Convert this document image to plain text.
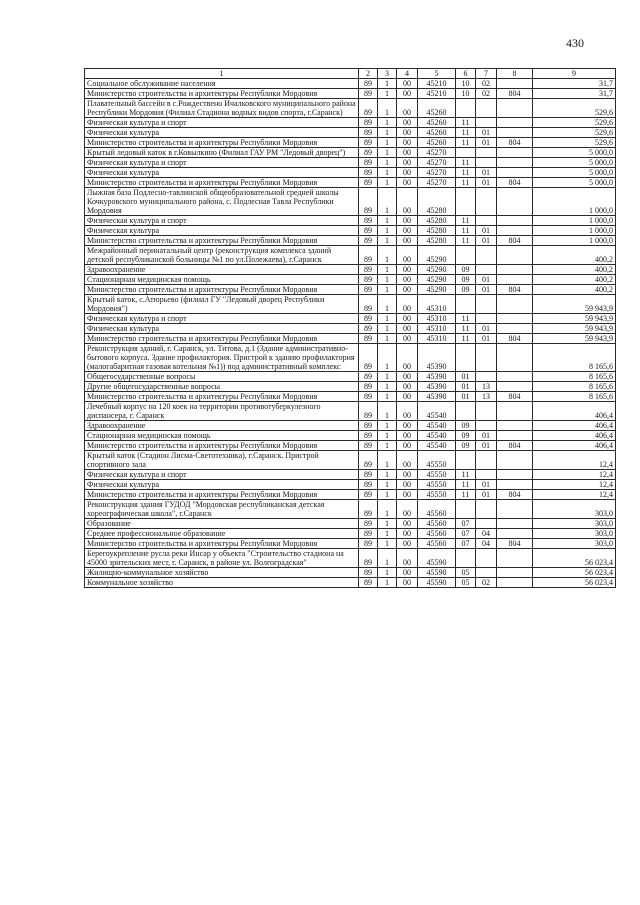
430
1	2	3	4	5	6	7	8	9
Социальное обслуживание населения	89	1	00	45210	10	02		31,7
Министерство строительства и архитектуры Республики Мордовия	89	1	00	45210	10	02	804	31,7
Плавательный бассейн в с.Рождествено Ичалковского муниципального района Республики Мордовия (Филиал Стадиона водных видов спорта, г.Саранск)	89	1	00	45260				529,6
Физическая культура и спорт	89	1	00	45260	11			529,6
Физическая культура	89	1	00	45260	11	01		529,6
Министерство строительства и архитектуры Республики Мордовия	89	1	00	45260	11	01	804	529,6
Крытый ледовый каток в г.Ковылкино (Филиал ГАУ РМ "Ледовый дворец")	89	1	00	45270				5 000,0
Физическая культура и спорт	89	1	00	45270	11			5 000,0
Физическая культура	89	1	00	45270	11	01		5 000,0
Министерство строительства и архитектуры Республики Мордовия	89	1	00	45270	11	01	804	5 000,0
Лыжная база Подлесно-тавлинской общеобразовательной средней школы Кочкуровского муниципального района, с. Подлесная Тавла Республики Мордовия	89	1	00	45280				1 000,0
Физическая культура и спорт	89	1	00	45280	11			1 000,0
Физическая культура	89	1	00	45280	11	01		1 000,0
Министерство строительства и архитектуры Республики Мордовия	89	1	00	45280	11	01	804	1 000,0
Межрайонный перинатальный центр (реконструкция комплекса зданий детской республиканской больницы №1 по ул.Полежаева), г.Саранск	89	1	00	45290				400,2
Здравоохранение	89	1	00	45290	09			400,2
Стационарная медицинская помощь	89	1	00	45290	09	01		400,2
Министерство строительства и архитектуры Республики Мордовия	89	1	00	45290	09	01	804	400,2
Крытый каток, с.Атюрьево (филиал ГУ "Ледовый дворец Республики Мордовия")	89	1	00	45310				59 943,9
Физическая культура и спорт	89	1	00	45310	11			59 943,9
Физическая культура	89	1	00	45310	11	01		59 943,9
Министерство строительства и архитектуры Республики Мордовия	89	1	00	45310	11	01	804	59 943,9
Реконструкция зданий, г. Саранск, ул. Титова, д.1 (Здание административно-бытового корпуса. Здание профилактория. Пристрой к зданию профилактория (малогабаритная газовая котельная №1)) под административный комплекс	89	1	00	45390				8 165,6
Общегосударственные вопросы	89	1	00	45390	01			8 165,6
Другие общегосударственные вопросы	89	1	00	45390	01	13		8 165,6
Министерство строительства и архитектуры Республики Мордовия	89	1	00	45390	01	13	804	8 165,6
Лечебный корпус на 120 коек на территории противотуберкулезного диспансера, г. Саранск	89	1	00	45540				406,4
Здравоохранение	89	1	00	45540	09			406,4
Стационарная медицинская помощь	89	1	00	45540	09	01		406,4
Министерство строительства и архитектуры Республики Мордовия	89	1	00	45540	09	01	804	406,4
Крытый каток (Стадион Лисма-Светотехника), г.Саранск. Пристрой спортивного зала	89	1	00	45550				12,4
Физическая культура и спорт	89	1	00	45550	11			12,4
Физическая культура	89	1	00	45550	11	01		12,4
Министерство строительства и архитектуры Республики Мордовия	89	1	00	45550	11	01	804	12,4
Реконструкция здания ГУДОД "Мордовская республиканская детская хореографическая школа", г.Саранск	89	1	00	45560				303,0
Образование	89	1	00	45560	07			303,0
Среднее профессиональное образование	89	1	00	45560	07	04		303,0
Министерство строительства и архитектуры Республики Мордовия	89	1	00	45560	07	04	804	303,0
Берегоукрепление русла реки Инсар у объекта "Строительство стадиона на 45000 зрительских мест, г. Саранск, в районе ул. Волгоградская"	89	1	00	45590				56 023,4
Жилищно-коммунальное хозяйство	89	1	00	45590	05			56 023,4
Коммунальное хозяйство	89	1	00	45590	05	02		56 023,4
